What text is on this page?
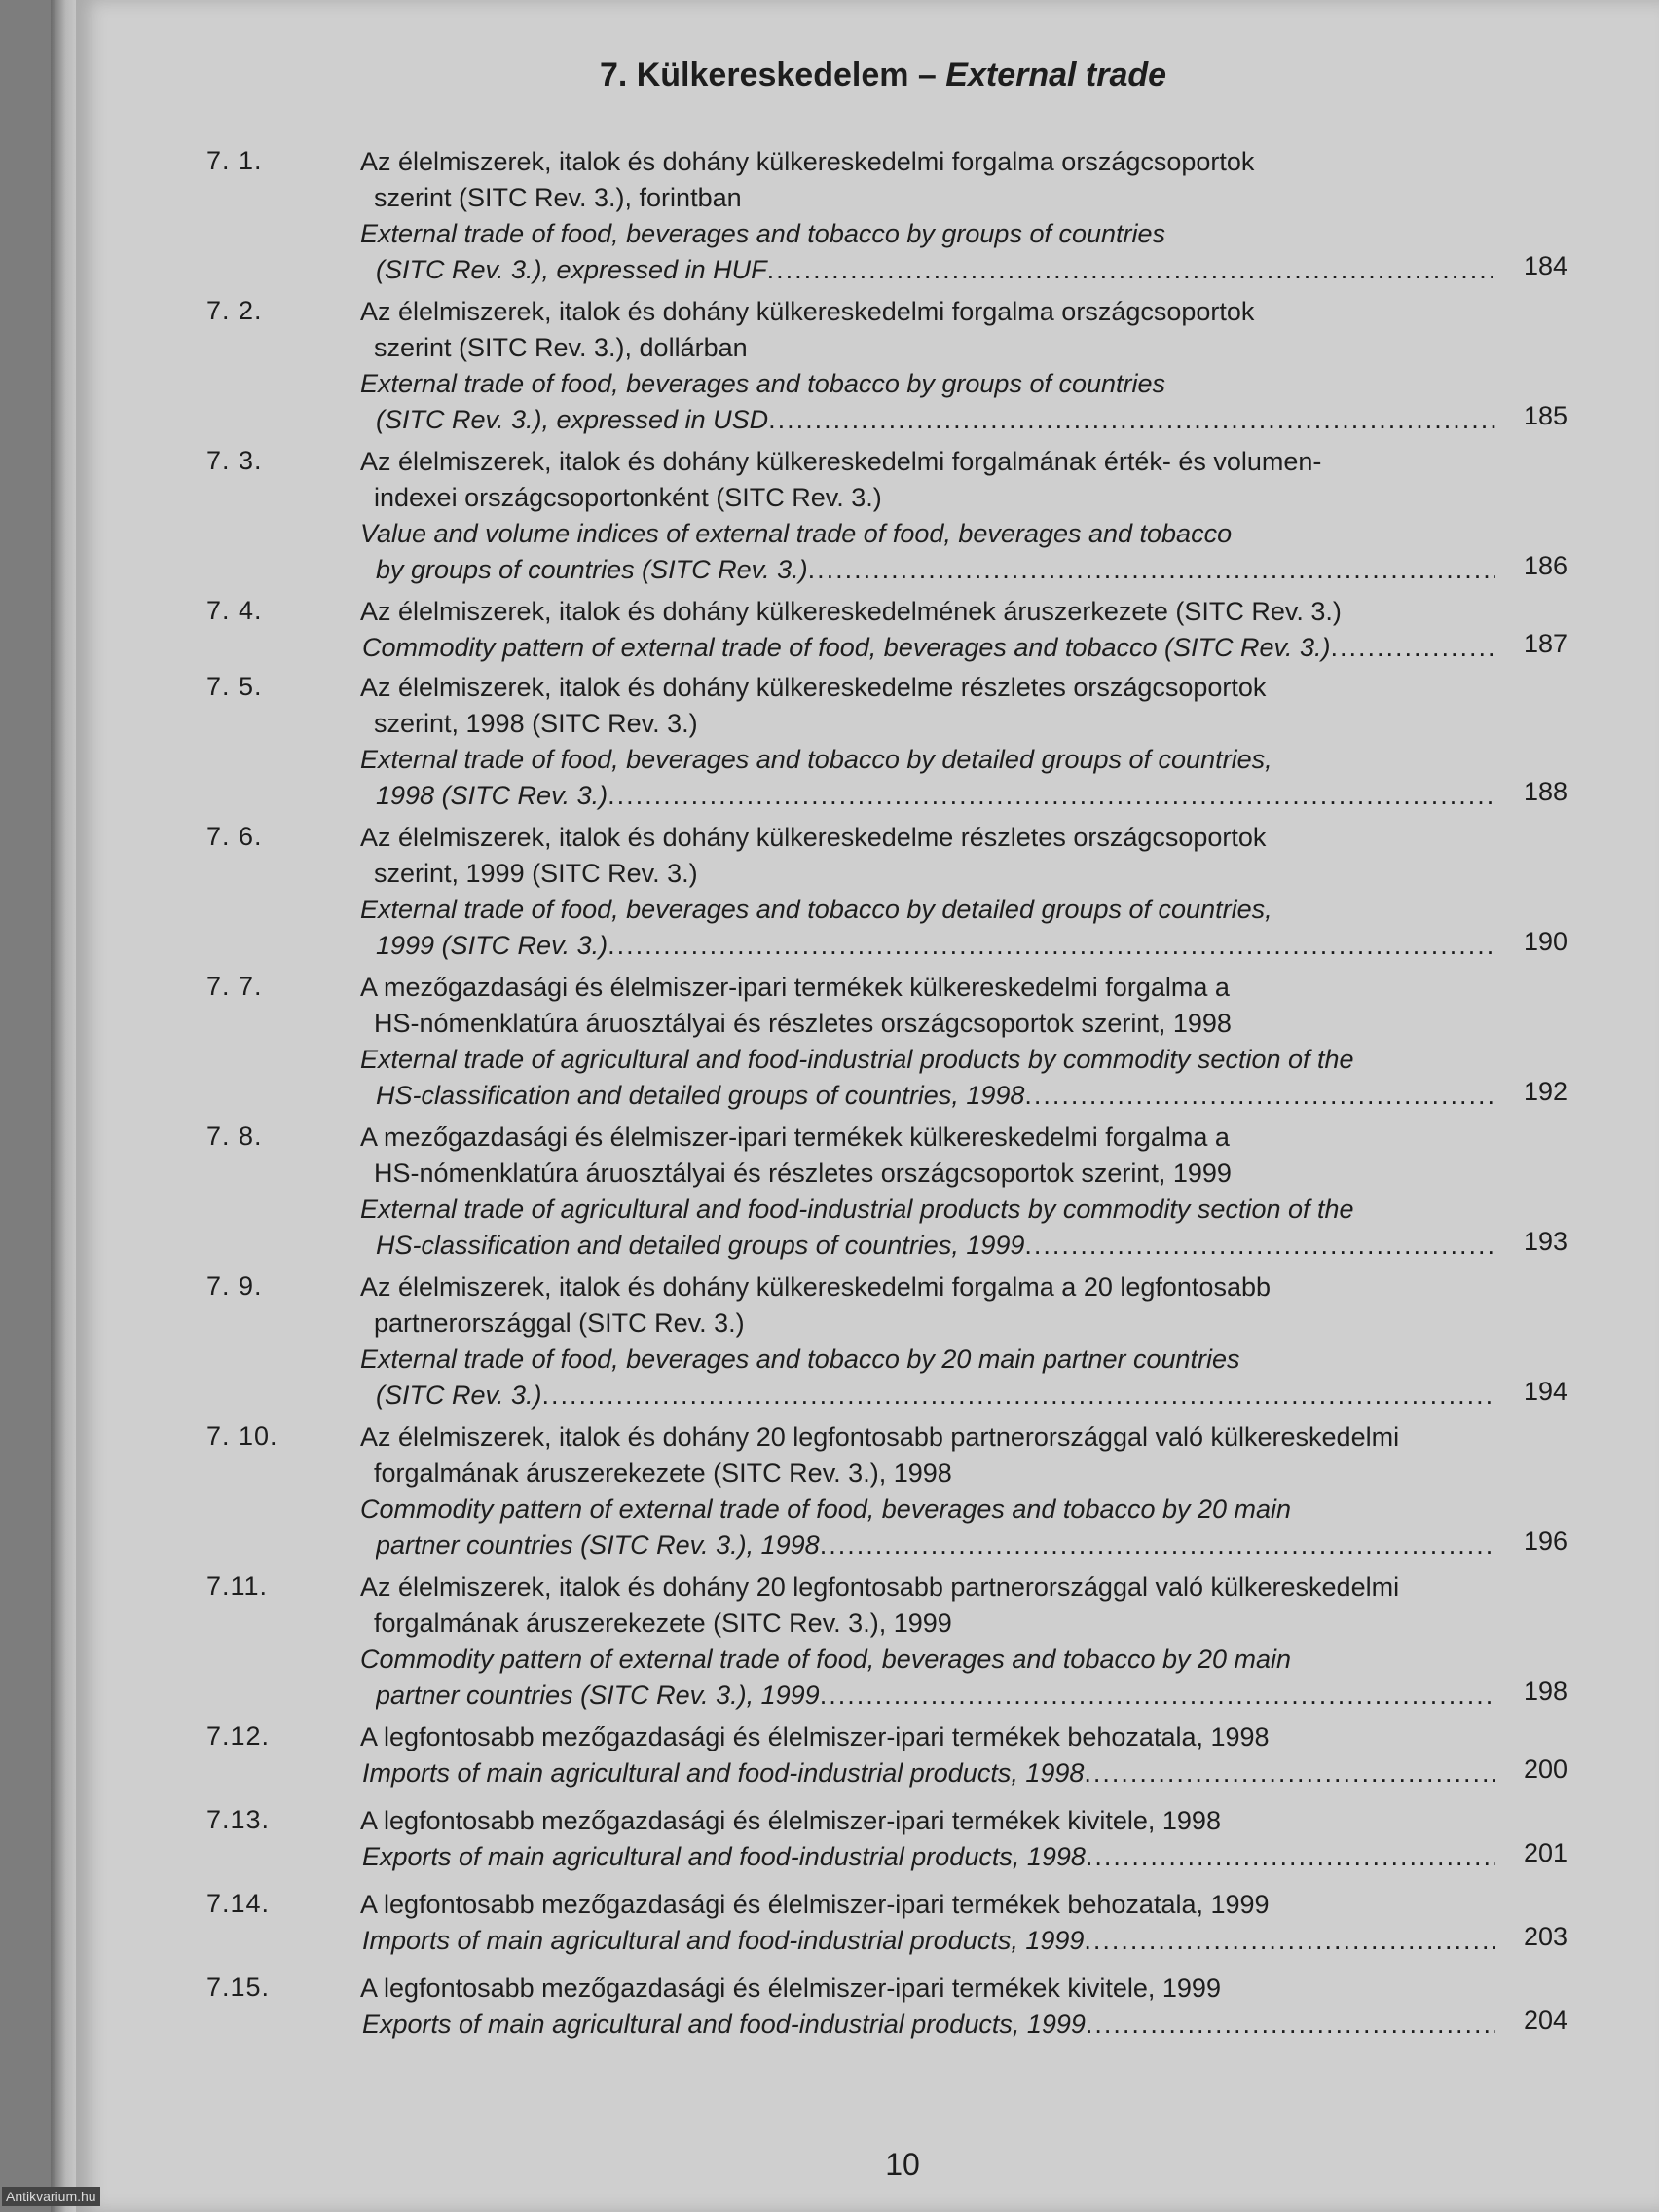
7. Külkereskedelem – External trade
7. 1.	Az élelmiszerek, italok és dohány külkereskedelmi forgalma országcsoportok
szerint (SITC Rev. 3.), forintban
External trade of food, beverages and tobacco by groups of countries
(SITC Rev. 3.), expressed in HUF .....	184
7. 2.	Az élelmiszerek, italok és dohány külkereskedelmi forgalma országcsoportok
szerint (SITC Rev. 3.), dollárban
External trade of food, beverages and tobacco by groups of countries
(SITC Rev. 3.), expressed in USD .....	185
7. 3.	Az élelmiszerek, italok és dohány külkereskedelmi forgalmának érték- és volumen-
indexei országcsoportonként (SITC Rev. 3.)
Value and volume indices of external trade of food, beverages and tobacco
by groups of countries (SITC Rev. 3.) .....	186
7. 4.	Az élelmiszerek, italok és dohány külkereskedelmének áruszerkezete (SITC Rev. 3.)
Commodity pattern of external trade of food, beverages and tobacco (SITC Rev. 3.) .....	187
7. 5.	Az élelmiszerek, italok és dohány külkereskedelme részletes országcsoportok
szerint, 1998 (SITC Rev. 3.)
External trade of food, beverages and tobacco by detailed groups of countries,
1998 (SITC Rev. 3.) .....	188
7. 6.	Az élelmiszerek, italok és dohány külkereskedelme részletes országcsoportok
szerint, 1999 (SITC Rev. 3.)
External trade of food, beverages and tobacco by detailed groups of countries,
1999 (SITC Rev. 3.) .....	190
7. 7.	A mezőgazdasági és élelmiszer-ipari termékek külkereskedelmi forgalma a
HS-nómenklatúra áruosztályai és részletes országcsoportok szerint, 1998
External trade of agricultural and food-industrial products by commodity section of the
HS-classification and detailed groups of countries, 1998 .....	192
7. 8.	A mezőgazdasági és élelmiszer-ipari termékek külkereskedelmi forgalma a
HS-nómenklatúra áruosztályai és részletes országcsoportok szerint, 1999
External trade of agricultural and food-industrial products by commodity section of the
HS-classification and detailed groups of countries, 1999 .....	193
7. 9.	Az élelmiszerek, italok és dohány külkereskedelmi forgalma a 20 legfontosabb
partnerországgal (SITC Rev. 3.)
External trade of food, beverages and tobacco by 20 main partner countries
(SITC Rev. 3.) .....	194
7. 10.	Az élelmiszerek, italok és dohány 20 legfontosabb partnerországgal való külkereskedelmi
forgalmának áruszerekezete (SITC Rev. 3.), 1998
Commodity pattern of external trade of food, beverages and tobacco by 20 main
partner countries (SITC Rev. 3.), 1998 .....	196
7.11.	Az élelmiszerek, italok és dohány 20 legfontosabb partnerországgal való külkereskedelmi
forgalmának áruszerekezete (SITC Rev. 3.), 1999
Commodity pattern of external trade of food, beverages and tobacco by 20 main
partner countries (SITC Rev. 3.), 1999 .....	198
7.12.	A legfontosabb mezőgazdasági és élelmiszer-ipari termékek behozatala, 1998
Imports of main agricultural and food-industrial products, 1998 .....	200
7.13.	A legfontosabb mezőgazdasági és élelmiszer-ipari termékek kivitele, 1998
Exports of main agricultural and food-industrial products, 1998 .....	201
7.14.	A legfontosabb mezőgazdasági és élelmiszer-ipari termékek behozatala, 1999
Imports of main agricultural and food-industrial products, 1999 .....	203
7.15.	A legfontosabb mezőgazdasági és élelmiszer-ipari termékek kivitele, 1999
Exports of main agricultural and food-industrial products, 1999 .....	204
10
Antikvarium.hu
